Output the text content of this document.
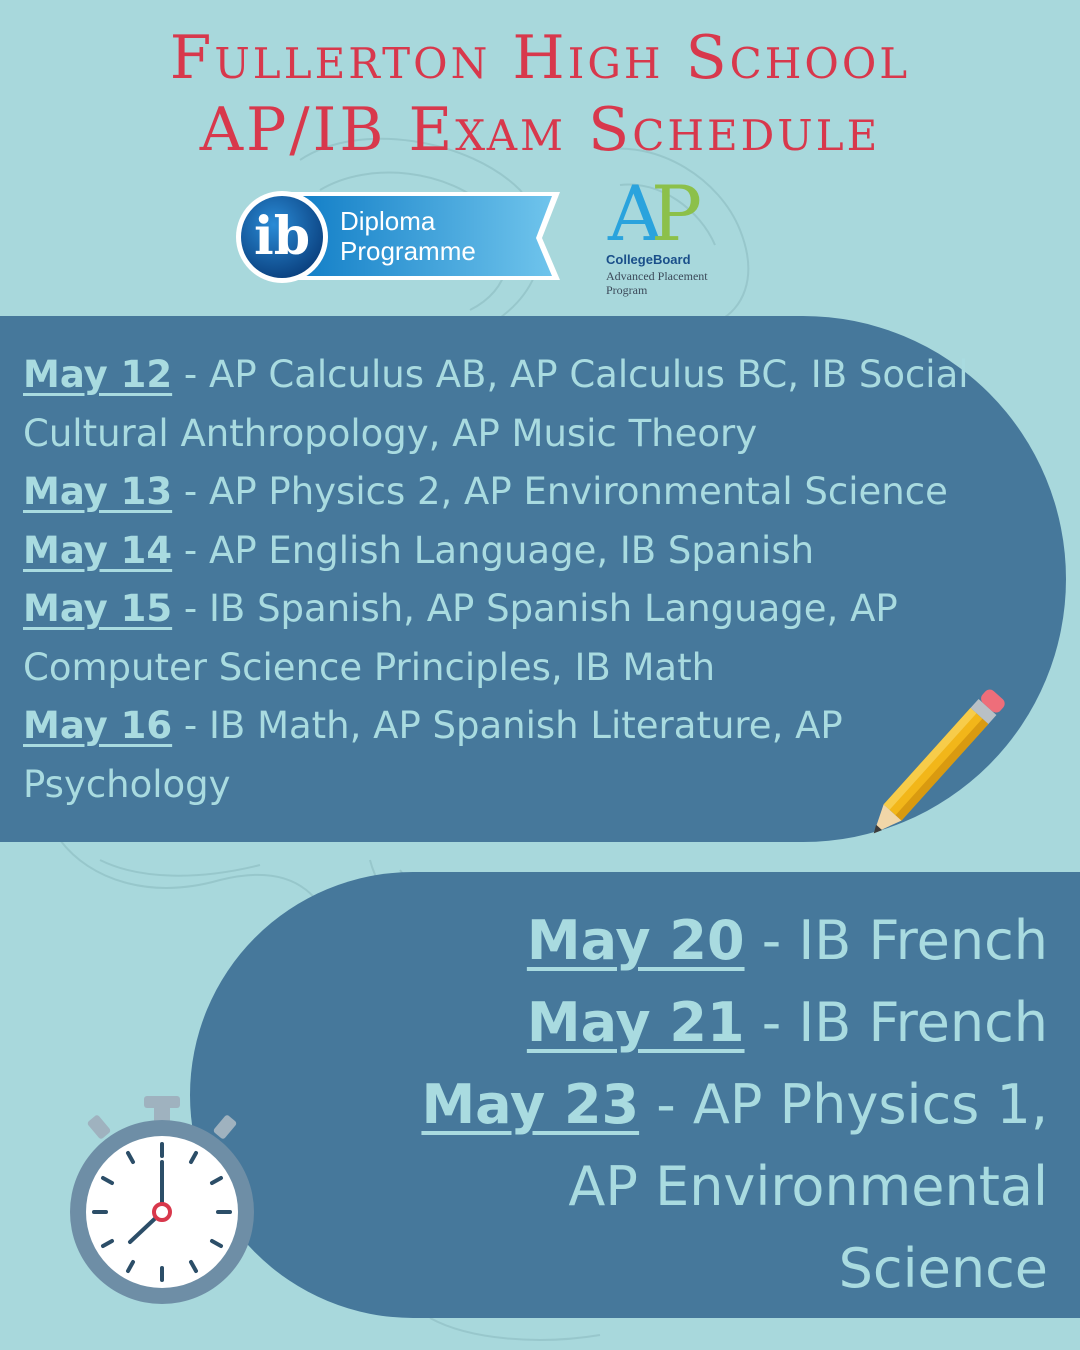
Fullerton High School
AP/IB Exam Schedule
ib Diploma
Programme AP
CollegeBoard
Advanced Placement
Program

May 12 - AP Calculus AB, AP Calculus BC, IB Social Cultural Anthropology, AP Music Theory

May 13 - AP Physics 2, AP Environmental Science

May 14 - AP English Language, IB Spanish

May 15 - IB Spanish, AP Spanish Language, AP Computer Science Principles, IB Math

May 16 - IB Math, AP Spanish Literature, AP Psychology

May 20 - IB French

May 21 - IB French

May 23 - AP Physics 1, AP Environmental Science
